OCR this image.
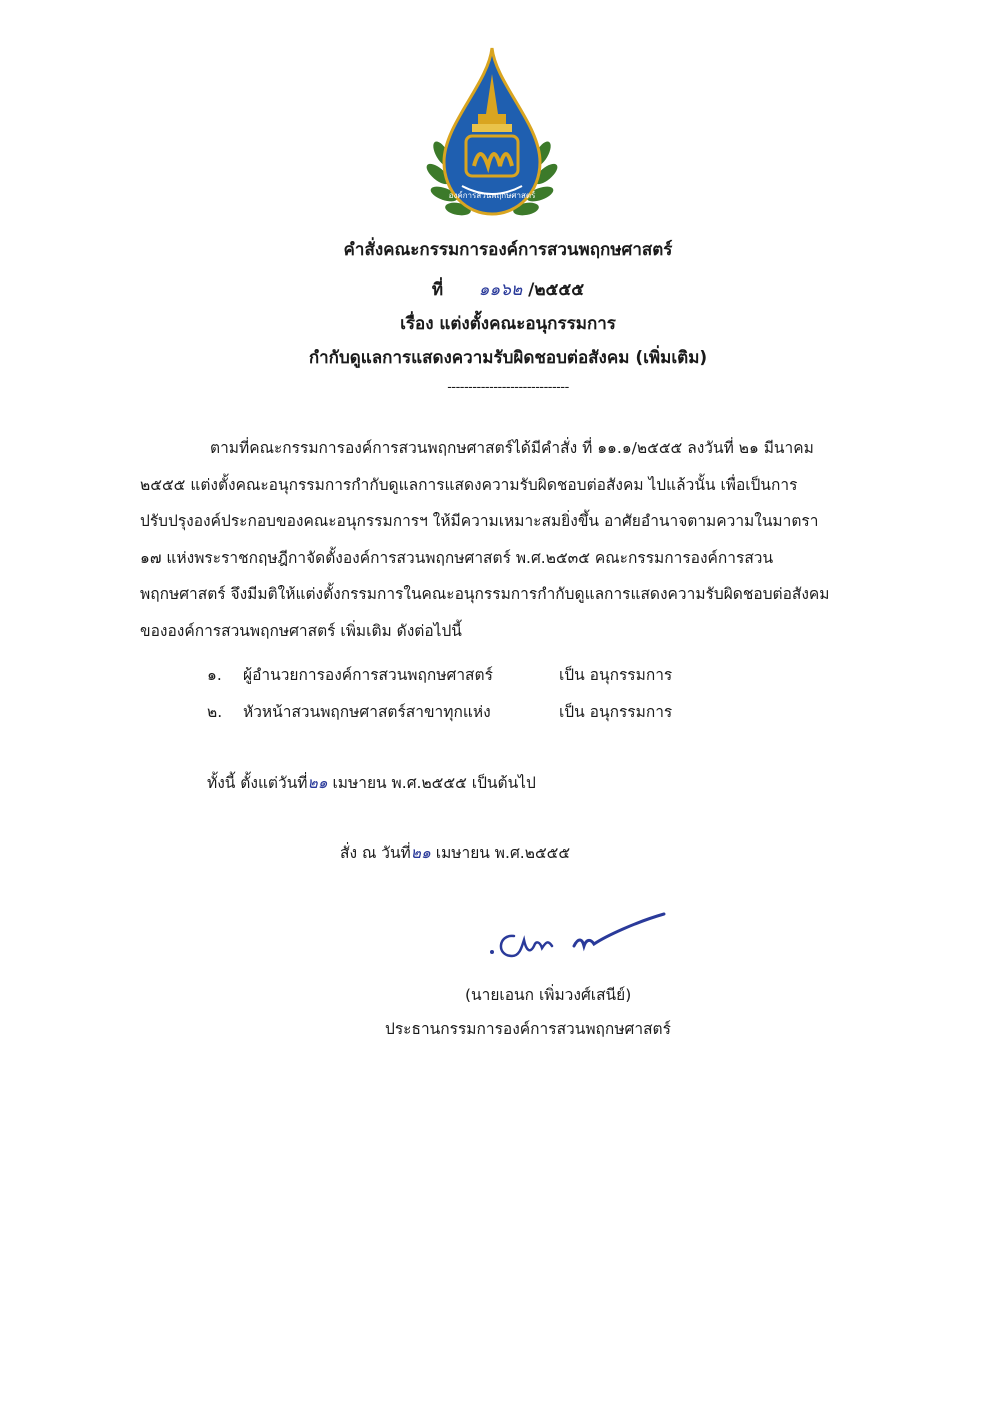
องค์การสวนพฤกษศาสตร์
คำสั่งคณะกรรมการองค์การสวนพฤกษศาสตร์
ที่ ๑๑๖๒ /๒๕๕๕
เรื่อง แต่งตั้งคณะอนุกรรมการ
กำกับดูแลการแสดงความรับผิดชอบต่อสังคม (เพิ่มเติม)
-----------------------------
ตามที่คณะกรรมการองค์การสวนพฤกษศาสตร์ได้มีคำสั่ง ที่ ๑๑.๑/๒๕๕๕ ลงวันที่ ๒๑ มีนาคม
๒๕๕๕ แต่งตั้งคณะอนุกรรมการกำกับดูแลการแสดงความรับผิดชอบต่อสังคม ไปแล้วนั้น เพื่อเป็นการ
ปรับปรุงองค์ประกอบของคณะอนุกรรมการฯ ให้มีความเหมาะสมยิ่งขึ้น อาศัยอำนาจตามความในมาตรา
๑๗ แห่งพระราชกฤษฎีกาจัดตั้งองค์การสวนพฤกษศาสตร์ พ.ศ.๒๕๓๕ คณะกรรมการองค์การสวน
พฤกษศาสตร์ จึงมีมติให้แต่งตั้งกรรมการในคณะอนุกรรมการกำกับดูแลการแสดงความรับผิดชอบต่อสังคม
ขององค์การสวนพฤกษศาสตร์ เพิ่มเติม ดังต่อไปนี้
๑. ผู้อำนวยการองค์การสวนพฤกษศาสตร์	เป็น อนุกรรมการ
๒. หัวหน้าสวนพฤกษศาสตร์สาขาทุกแห่ง	เป็น อนุกรรมการ
ทั้งนี้ ตั้งแต่วันที่๒๑ เมษายน พ.ศ.๒๕๕๕ เป็นต้นไป
สั่ง ณ วันที่๒๑ เมษายน พ.ศ.๒๕๕๕
(นายเอนก เพิ่มวงศ์เสนีย์)
ประธานกรรมการองค์การสวนพฤกษศาสตร์
